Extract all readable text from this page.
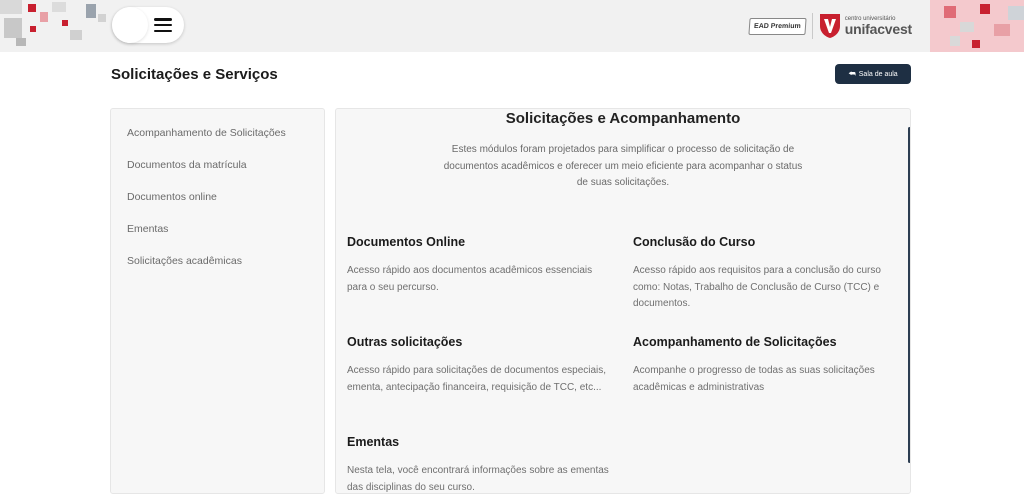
EAD Premium
centro universitário
unifacvest
Solicitações e Serviços	⮪ Sala de aula
Acompanhamento de Solicitações
Documentos da matrícula
Documentos online
Ementas
Solicitações acadêmicas
Solicitações e Acompanhamento
Estes módulos foram projetados para simplificar o processo de solicitação de documentos acadêmicos e oferecer um meio eficiente para acompanhar o status de suas solicitações.
Documentos Online
Acesso rápido aos documentos acadêmicos essenciais para o seu percurso.
Conclusão do Curso
Acesso rápido aos requisitos para a conclusão do curso como: Notas, Trabalho de Conclusão de Curso (TCC) e documentos.
Outras solicitações
Acesso rápido para solicitações de documentos especiais, ementa, antecipação financeira, requisição de TCC, etc...
Acompanhamento de Solicitações
Acompanhe o progresso de todas as suas solicitações acadêmicas e administrativas
Ementas
Nesta tela, você encontrará informações sobre as ementas das disciplinas do seu curso.
